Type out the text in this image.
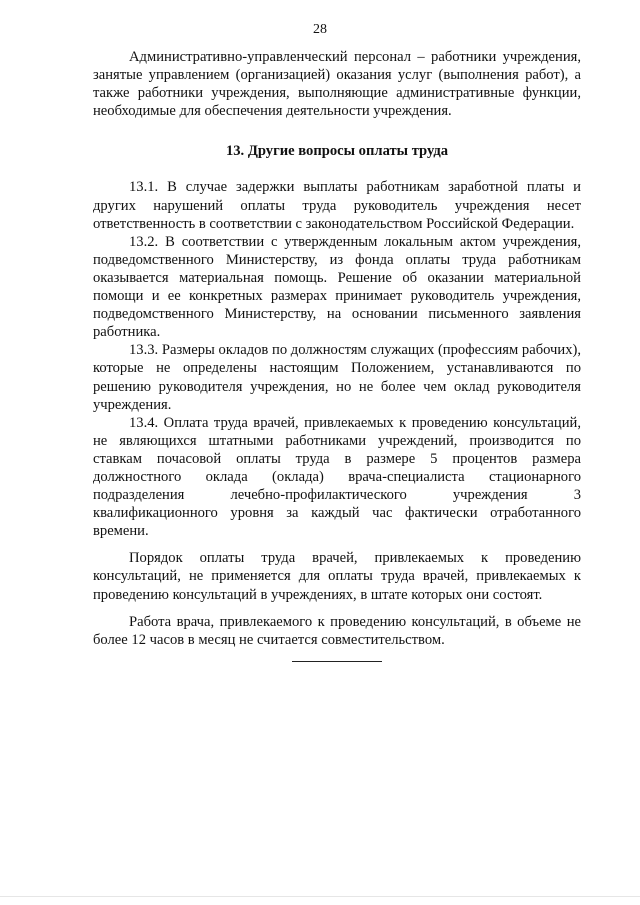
28

Административно-управленческий персонал – работники учреждения, занятые управлением (организацией) оказания услуг (выполнения работ), а также работники учреждения, выполняющие административные функции, необходимые для обеспечения деятельности учреждения.

13. Другие вопросы оплаты труда

13.1. В случае задержки выплаты работникам заработной платы и других нарушений оплаты труда руководитель учреждения несет ответственность в соответствии с законодательством Российской Федерации.

13.2. В соответствии с утвержденным локальным актом учреждения, подведомственного Министерству, из фонда оплаты труда работникам оказывается материальная помощь. Решение об оказании материальной помощи и ее конкретных размерах принимает руководитель учреждения, подведомственного Министерству, на основании письменного заявления работника.

13.3. Размеры окладов по должностям служащих (профессиям рабочих), которые не определены настоящим Положением, устанавливаются по решению руководителя учреждения, но не более чем оклад руководителя учреждения.

13.4. Оплата труда врачей, привлекаемых к проведению консультаций, не являющихся штатными работниками учреждений, производится по ставкам почасовой оплаты труда в размере 5 процентов размера должностного оклада (оклада) врача-специалиста стационарного подразделения лечебно-профилактического учреждения 3 квалификационного уровня за каждый час фактически отработанного времени.

Порядок оплаты труда врачей, привлекаемых к проведению консультаций, не применяется для оплаты труда врачей, привлекаемых к проведению консультаций в учреждениях, в штате которых они состоят.

Работа врача, привлекаемого к проведению консультаций, в объеме не более 12 часов в месяц не считается совместительством.
